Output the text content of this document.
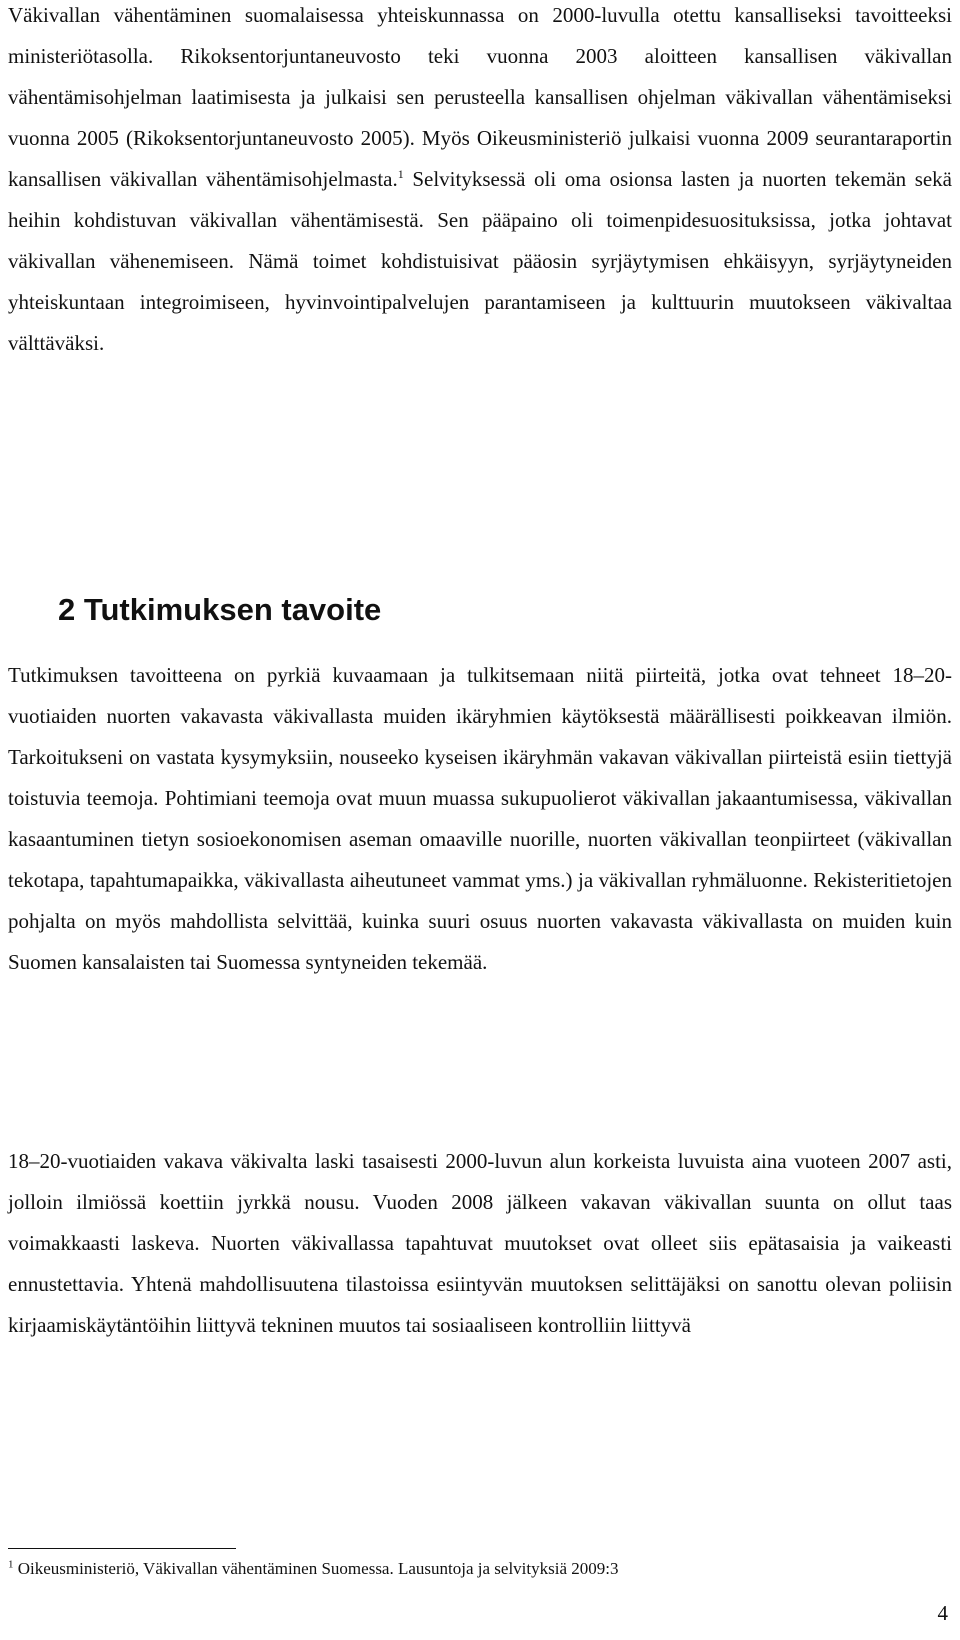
Väkivallan vähentäminen suomalaisessa yhteiskunnassa on 2000-luvulla otettu kansalliseksi tavoitteeksi ministeriötasolla. Rikoksentorjuntaneuvosto teki vuonna 2003 aloitteen kansallisen väkivallan vähentämisohjelman laatimisesta ja julkaisi sen perusteella kansallisen ohjelman väkivallan vähentämiseksi vuonna 2005 (Rikoksentorjuntaneuvosto 2005). Myös Oikeusministeriö julkaisi vuonna 2009 seurantaraportin kansallisen väkivallan vähentämisohjelmasta.$^1$ Selvityksessä oli oma osionsa lasten ja nuorten tekemän sekä heihin kohdistuvan väkivallan vähentämisestä. Sen pääpaino oli toimenpidesuosituksissa, jotka johtavat väkivallan vähenemiseen. Nämä toimet kohdistuisivat pääosin syrjäytymisen ehkäisyyn, syrjäytyneiden yhteiskuntaan integroimiseen, hyvinvointipalvelujen parantamiseen ja kulttuurin muutokseen väkivaltaa välttäväksi.

2 Tutkimuksen tavoite

Tutkimuksen tavoitteena on pyrkiä kuvaamaan ja tulkitsemaan niitä piirteitä, jotka ovat tehneet 18–20-vuotiaiden nuorten vakavasta väkivallasta muiden ikäryhmien käytöksestä määrällisesti poikkeavan ilmiön. Tarkoitukseni on vastata kysymyksiin, nouseeko kyseisen ikäryhmän vakavan väkivallan piirteistä esiin tiettyjä toistuvia teemoja. Pohtimiani teemoja ovat muun muassa sukupuolierot väkivallan jakaantumisessa, väkivallan kasaantuminen tietyn sosioekonomisen aseman omaaville nuorille, nuorten väkivallan teonpiirteet (väkivallan tekotapa, tapahtumapaikka, väkivallasta aiheutuneet vammat yms.) ja väkivallan ryhmäluonne. Rekisteritietojen pohjalta on myös mahdollista selvittää, kuinka suuri osuus nuorten vakavasta väkivallasta on muiden kuin Suomen kansalaisten tai Suomessa syntyneiden tekemää.

18–20-vuotiaiden vakava väkivalta laski tasaisesti 2000-luvun alun korkeista luvuista aina vuoteen 2007 asti, jolloin ilmiössä koettiin jyrkkä nousu. Vuoden 2008 jälkeen vakavan väkivallan suunta on ollut taas voimakkaasti laskeva. Nuorten väkivallassa tapahtuvat muutokset ovat olleet siis epätasaisia ja vaikeasti ennustettavia. Yhtenä mahdollisuutena tilastoissa esiintyvän muutoksen selittäjäksi on sanottu olevan poliisin kirjaamiskäytäntöihin liittyvä tekninen muutos tai sosiaaliseen kontrolliin liittyvä

$^1$ Oikeusministeriö, Väkivallan vähentäminen Suomessa. Lausuntoja ja selvityksiä 2009:3

4
